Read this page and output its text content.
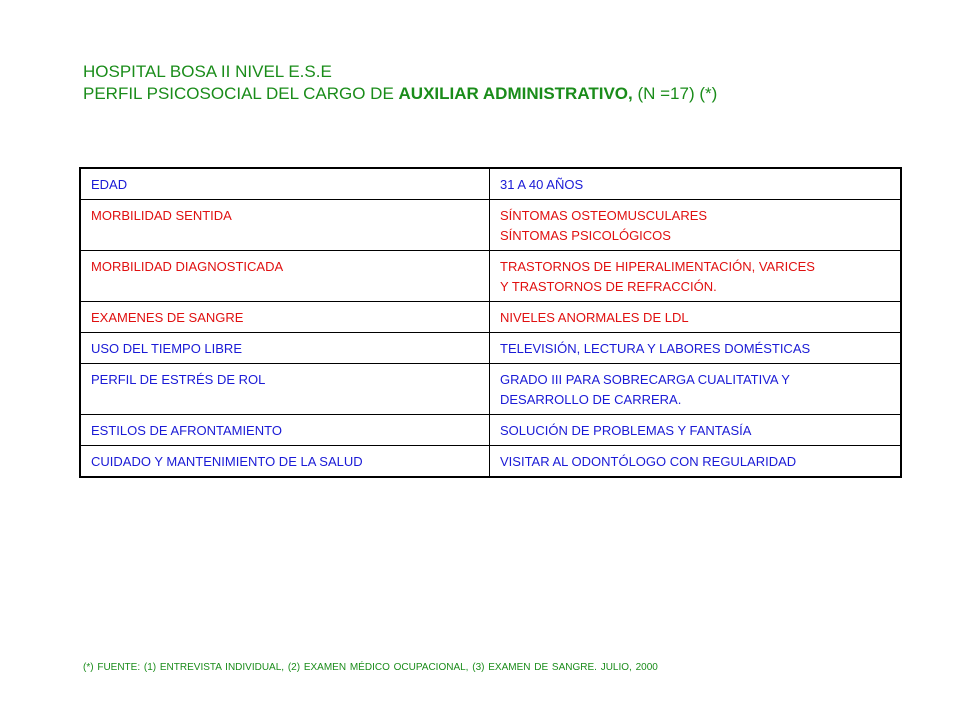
HOSPITAL BOSA II NIVEL E.S.E
PERFIL PSICOSOCIAL DEL CARGO DE AUXILIAR ADMINISTRATIVO, (N =17) (*)
EDAD	31 A 40 AÑOS

MORBILIDAD SENTIDA	SÍNTOMAS OSTEOMUSCULARES
SÍNTOMAS PSICOLÓGICOS

MORBILIDAD DIAGNOSTICADA	TRASTORNOS DE HIPERALIMENTACIÓN, VARICES
Y TRASTORNOS DE REFRACCIÓN.

EXAMENES DE SANGRE	NIVELES ANORMALES DE LDL

USO DEL TIEMPO LIBRE	TELEVISIÓN, LECTURA Y LABORES DOMÉSTICAS

PERFIL DE ESTRÉS DE ROL	GRADO III PARA SOBRECARGA CUALITATIVA Y
DESARROLLO DE CARRERA.

ESTILOS DE AFRONTAMIENTO	SOLUCIÓN DE PROBLEMAS Y FANTASÍA

CUIDADO Y MANTENIMIENTO DE LA SALUD	VISITAR AL ODONTÓLOGO CON REGULARIDAD
(*) FUENTE: (1) ENTREVISTA INDIVIDUAL, (2) EXAMEN MÉDICO OCUPACIONAL, (3) EXAMEN DE SANGRE. JULIO, 2000
